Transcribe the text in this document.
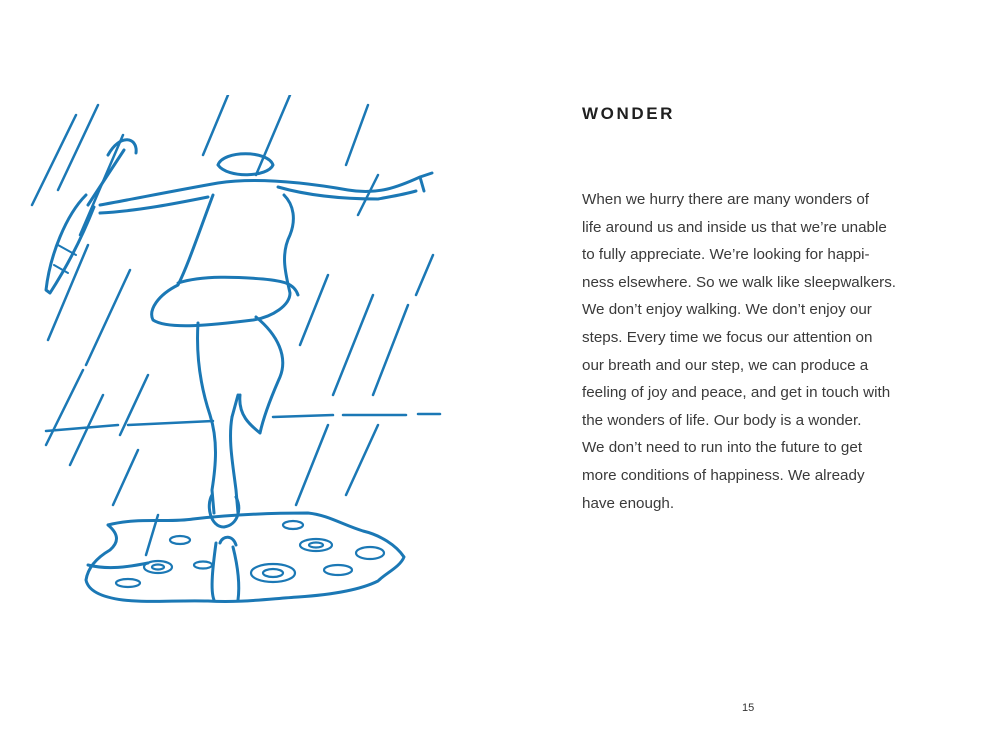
WONDER

When we hurry there are many wonders of
life around us and inside us that we’re unable
to fully appreciate. We’re looking for happi-
ness elsewhere. So we walk like sleepwalkers.
We don’t enjoy walking. We don’t enjoy our
steps. Every time we focus our attention on
our breath and our step, we can produce a
feeling of joy and peace, and get in touch with
the wonders of life. Our body is a wonder.
We don’t need to run into the future to get
more conditions of happiness. We already
have enough.

15
